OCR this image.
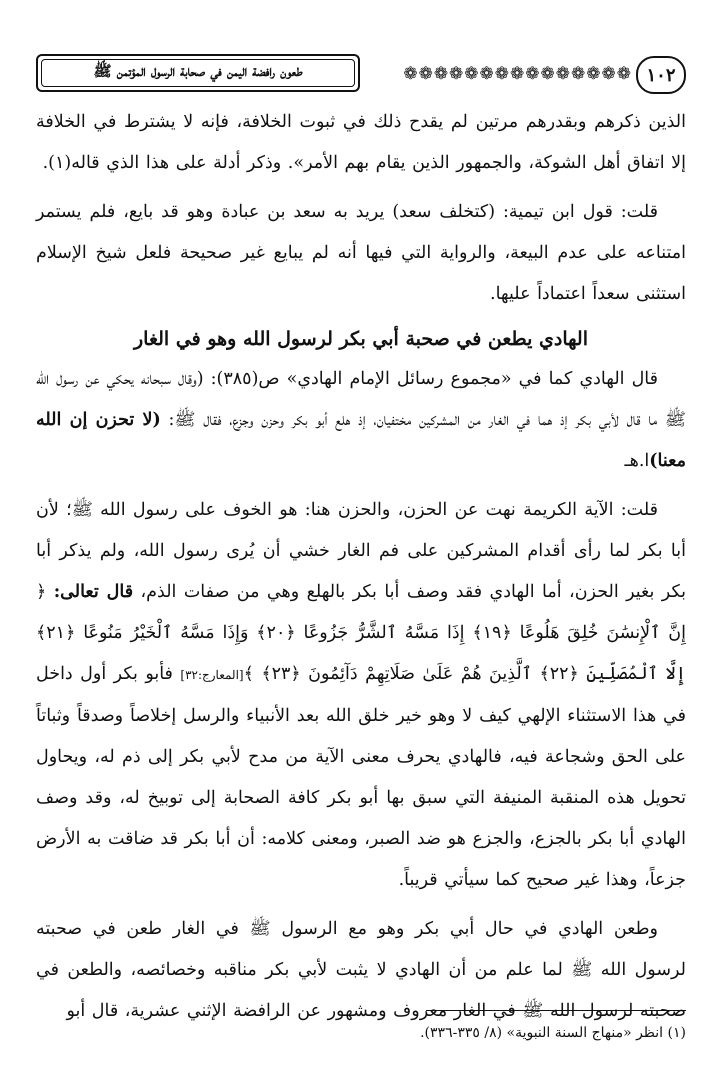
١٠٢
❁❁❁❁❁❁❁❁❁❁❁❁❁❁❁
طعون رافضة اليمن في صحابة الرسول المؤتمن ﷺ

الذين ذكرهم وبقدرهم مرتين لم يقدح ذلك في ثبوت الخلافة، فإنه لا يشترط في الخلافة إلا اتفاق أهل الشوكة، والجمهور الذين يقام بهم الأمر». وذكر أدلة على هذا الذي قاله(١).

قلت: قول ابن تيمية: (كتخلف سعد) يريد به سعد بن عبادة وهو قد بايع، فلم يستمر امتناعه على عدم البيعة، والرواية التي فيها أنه لم يبايع غير صحيحة فلعل شيخ الإسلام استثنى سعداً اعتماداً عليها.

الهادي يطعن في صحبة أبي بكر لرسول الله وهو في الغار

قال الهادي كما في «مجموع رسائل الإمام الهادي» ص(٣٨٥): (وقال سبحانه يحكي عن رسول الله ﷺ ما قال لأبي بكر إذ هما في الغار من المشركين مختفيان، إذ هلع أبو بكر وحزن وجزع، فقال ﷺ: (لا تحزن إن الله معنا)ا.هـ

قلت: الآية الكريمة نهت عن الحزن، والحزن هنا: هو الخوف على رسول الله ﷺ؛ لأن أبا بكر لما رأى أقدام المشركين على فم الغار خشي أن يُرى رسول الله، ولم يذكر أبا بكر بغير الحزن، أما الهادي فقد وصف أبا بكر بالهلع وهي من صفات الذم، قال تعالى: ﴿ إِنَّ ٱلْإِنسَٰنَ خُلِقَ هَلُوعًا ﴿١٩﴾ إِذَا مَسَّهُ ٱلشَّرُّ جَزُوعًا ﴿٢٠﴾ وَإِذَا مَسَّهُ ٱلْخَيْرُ مَنُوعًا ﴿٢١﴾ إِلَّا ٱلْمُصَلِّينَ ﴿٢٢﴾ ٱلَّذِينَ هُمْ عَلَىٰ صَلَاتِهِمْ دَآئِمُونَ ﴿٢٣﴾ ﴾[المعارج:٣٢] فأبو بكر أول داخل في هذا الاستثناء الإلهي كيف لا وهو خير خلق الله بعد الأنبياء والرسل إخلاصاً وصدقاً وثباتاً على الحق وشجاعة فيه، فالهادي يحرف معنى الآية من مدح لأبي بكر إلى ذم له، ويحاول تحويل هذه المنقبة المنيفة التي سبق بها أبو بكر كافة الصحابة إلى توبيخ له، وقد وصف الهادي أبا بكر بالجزع، والجزع هو ضد الصبر، ومعنى كلامه: أن أبا بكر قد ضاقت به الأرض جزعاً، وهذا غير صحيح كما سيأتي قريباً.

وطعن الهادي في حال أبي بكر وهو مع الرسول ﷺ في الغار طعن في صحبته لرسول الله ﷺ لما علم من أن الهادي لا يثبت لأبي بكر مناقبه وخصائصه، والطعن في صحبته لرسول الله ﷺ في الغار معروف ومشهور عن الرافضة الإثني عشرية، قال أبو

(١) انظر «منهاج السنة النبوية» (٨/ ٣٣٥-٣٣٦).
